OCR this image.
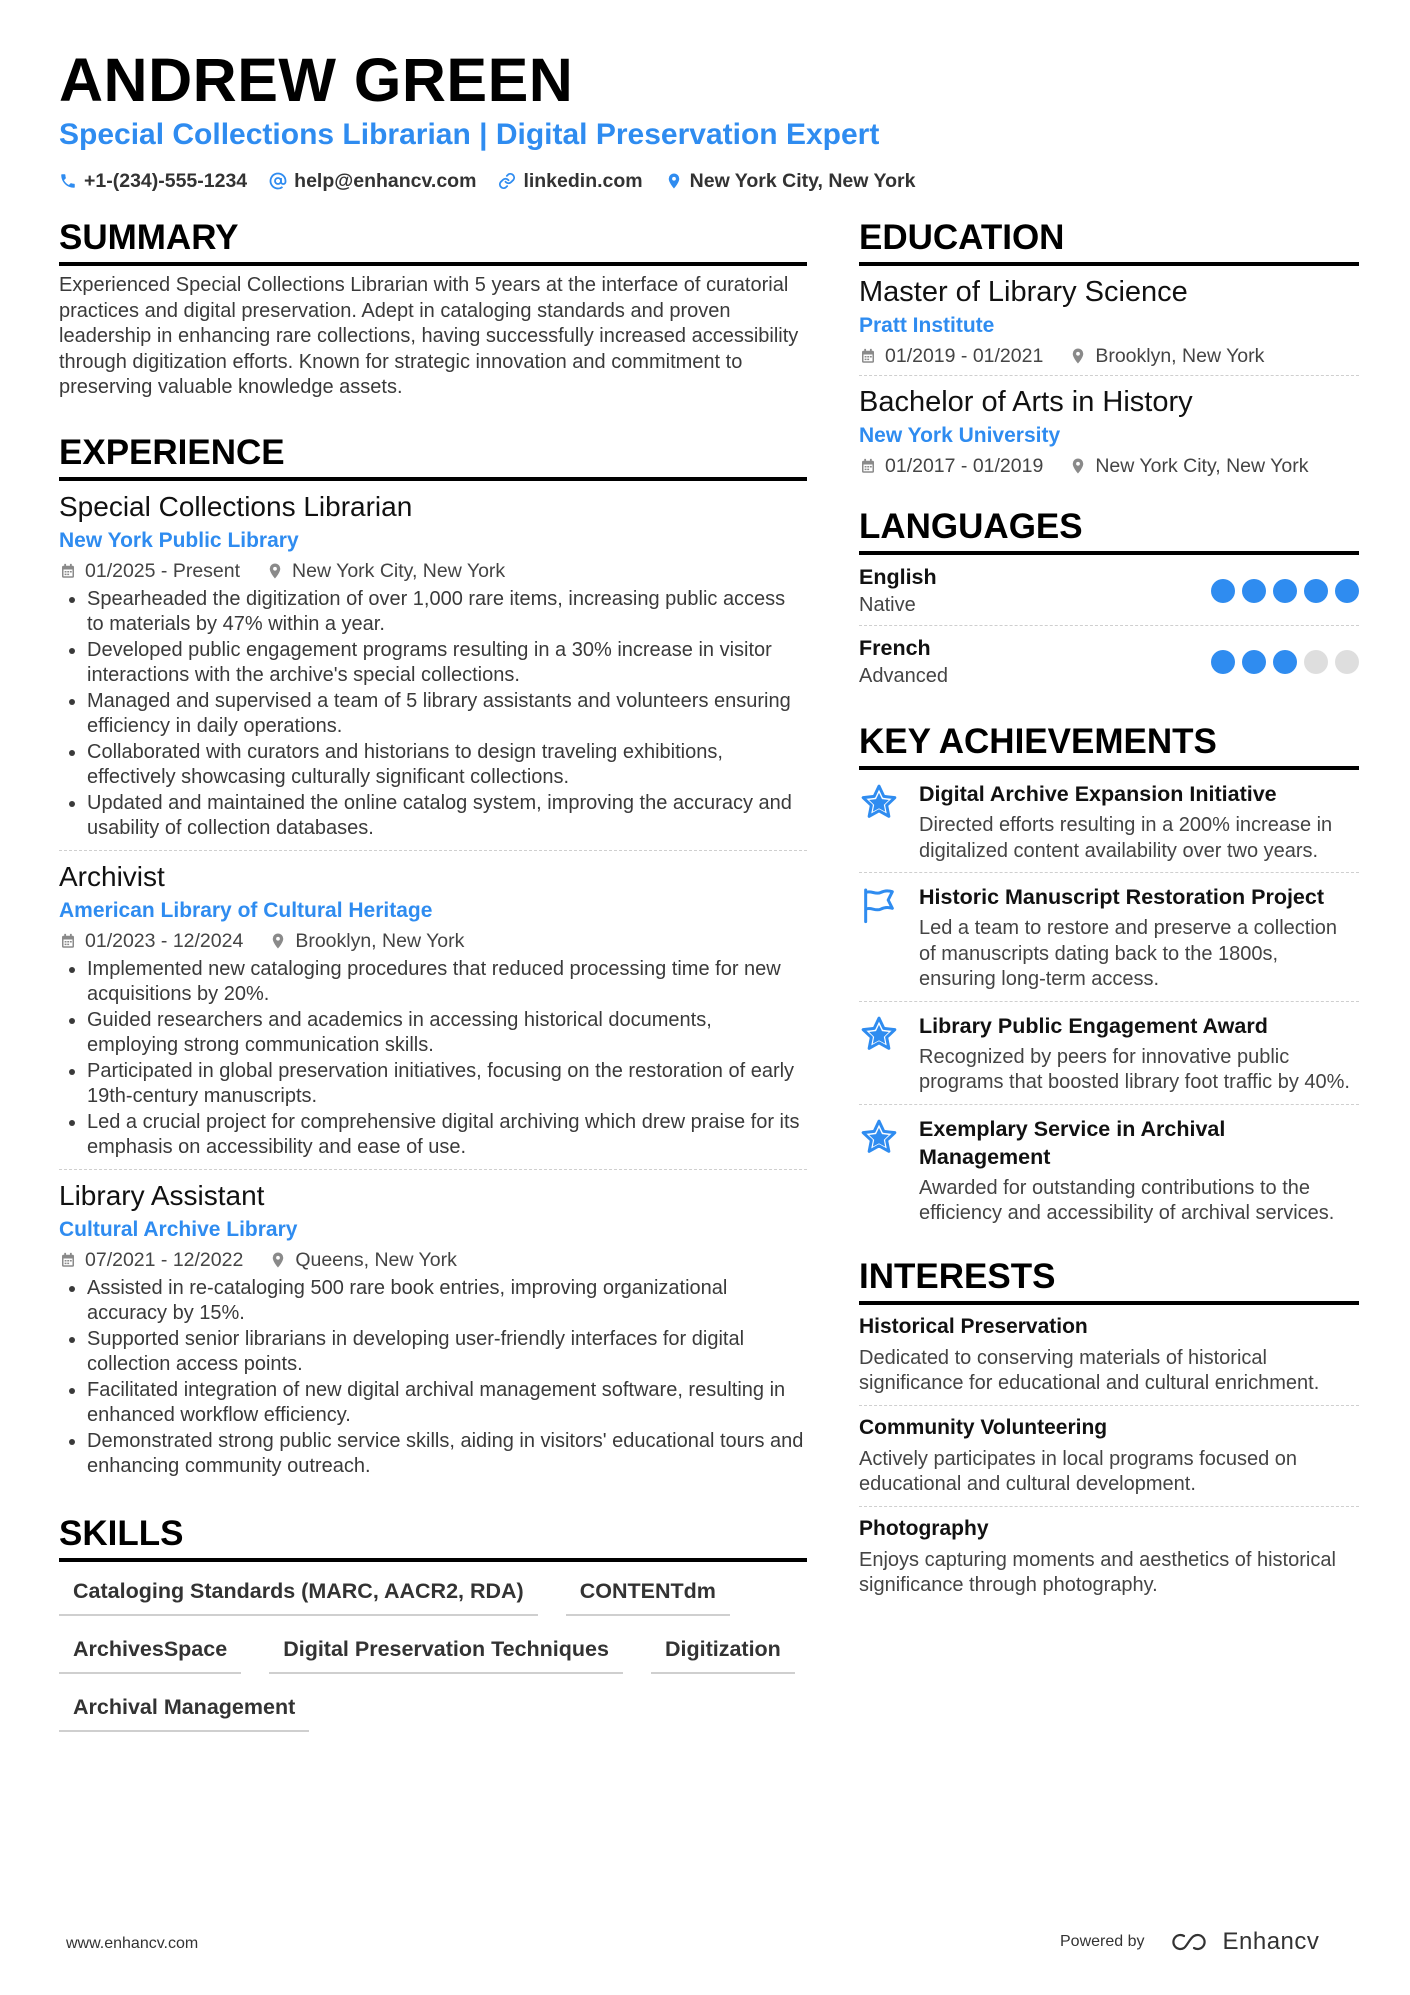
ANDREW GREEN
Special Collections Librarian | Digital Preservation Expert
+1-(234)-555-1234 help@enhancv.com linkedin.com New York City, New York
SUMMARY
Experienced Special Collections Librarian with 5 years at the interface of curatorial practices and digital preservation. Adept in cataloging standards and proven leadership in enhancing rare collections, having successfully increased accessibility through digitization efforts. Known for strategic innovation and commitment to preserving valuable knowledge assets.
EXPERIENCE
Special Collections Librarian
New York Public Library
01/2025 - Present	New York City, New York
• Spearheaded the digitization of over 1,000 rare items, increasing public access to materials by 47% within a year.
• Developed public engagement programs resulting in a 30% increase in visitor interactions with the archive's special collections.
• Managed and supervised a team of 5 library assistants and volunteers ensuring efficiency in daily operations.
• Collaborated with curators and historians to design traveling exhibitions, effectively showcasing culturally significant collections.
• Updated and maintained the online catalog system, improving the accuracy and usability of collection databases.
Archivist
American Library of Cultural Heritage
01/2023 - 12/2024	Brooklyn, New York
• Implemented new cataloging procedures that reduced processing time for new acquisitions by 20%.
• Guided researchers and academics in accessing historical documents, employing strong communication skills.
• Participated in global preservation initiatives, focusing on the restoration of early 19th-century manuscripts.
• Led a crucial project for comprehensive digital archiving which drew praise for its emphasis on accessibility and ease of use.
Library Assistant
Cultural Archive Library
07/2021 - 12/2022	Queens, New York
• Assisted in re-cataloging 500 rare book entries, improving organizational accuracy by 15%.
• Supported senior librarians in developing user-friendly interfaces for digital collection access points.
• Facilitated integration of new digital archival management software, resulting in enhanced workflow efficiency.
• Demonstrated strong public service skills, aiding in visitors' educational tours and enhancing community outreach.
SKILLS
Cataloging Standards (MARC, AACR2, RDA)	CONTENTdm
ArchivesSpace	Digital Preservation Techniques	Digitization
Archival Management
EDUCATION
Master of Library Science
Pratt Institute
01/2019 - 01/2021	Brooklyn, New York
Bachelor of Arts in History
New York University
01/2017 - 01/2019	New York City, New York
LANGUAGES
English
Native
French
Advanced
KEY ACHIEVEMENTS
Digital Archive Expansion Initiative
Directed efforts resulting in a 200% increase in digitalized content availability over two years.
Historic Manuscript Restoration Project
Led a team to restore and preserve a collection of manuscripts dating back to the 1800s, ensuring long-term access.
Library Public Engagement Award
Recognized by peers for innovative public programs that boosted library foot traffic by 40%.
Exemplary Service in Archival Management
Awarded for outstanding contributions to the efficiency and accessibility of archival services.
INTERESTS
Historical Preservation
Dedicated to conserving materials of historical significance for educational and cultural enrichment.
Community Volunteering
Actively participates in local programs focused on educational and cultural development.
Photography
Enjoys capturing moments and aesthetics of historical significance through photography.
www.enhancv.com	Powered by	Enhancv
